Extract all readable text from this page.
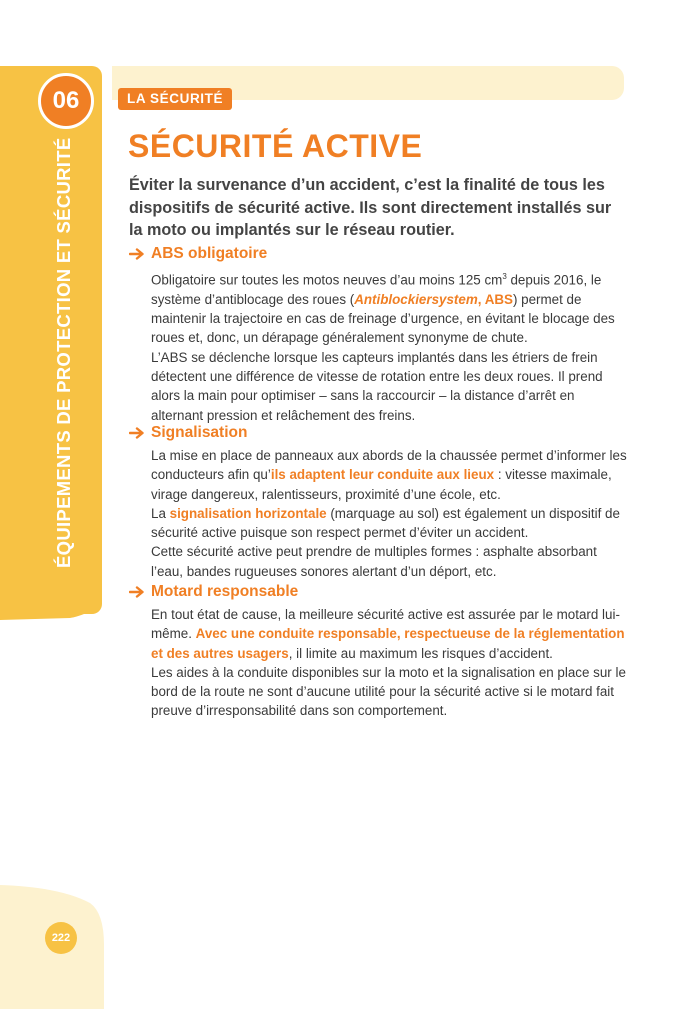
06
ÉQUIPEMENTS DE PROTECTION ET SÉCURITÉ
LA SÉCURITÉ
SÉCURITÉ ACTIVE

Éviter la survenance d’un accident, c’est la finalité de tous les dispositifs de sécurité active. Ils sont directement installés sur la moto ou implantés sur le réseau routier.

ABS obligatoire

Obligatoire sur toutes les motos neuves d’au moins 125 $cm^3$ depuis 2016, le système d’antiblocage des roues (Antiblockiersystem, ABS) permet de maintenir la trajectoire en cas de freinage d’urgence, en évitant le blocage des roues et, donc, un dérapage généralement synonyme de chute.

L’ABS se déclenche lorsque les capteurs implantés dans les étriers de frein détectent une différence de vitesse de rotation entre les deux roues. Il prend alors la main pour optimiser – sans la raccourcir – la distance d’arrêt en alternant pression et relâchement des freins.

Signalisation

La mise en place de panneaux aux abords de la chaussée permet d’informer les conducteurs afin qu’ils adaptent leur conduite aux lieux : vitesse maximale, virage dangereux, ralentisseurs, proximité d’une école, etc.

La signalisation horizontale (marquage au sol) est également un dispositif de sécurité active puisque son respect permet d’éviter un accident.

Cette sécurité active peut prendre de multiples formes : asphalte absorbant l’eau, bandes rugueuses sonores alertant d’un déport, etc.

Motard responsable

En tout état de cause, la meilleure sécurité active est assurée par le motard lui-même. Avec une conduite responsable, respectueuse de la réglementation et des autres usagers, il limite au maximum les risques d’accident.

Les aides à la conduite disponibles sur la moto et la signalisation en place sur le bord de la route ne sont d’aucune utilité pour la sécurité active si le motard fait preuve d’irresponsabilité dans son comportement.

222
